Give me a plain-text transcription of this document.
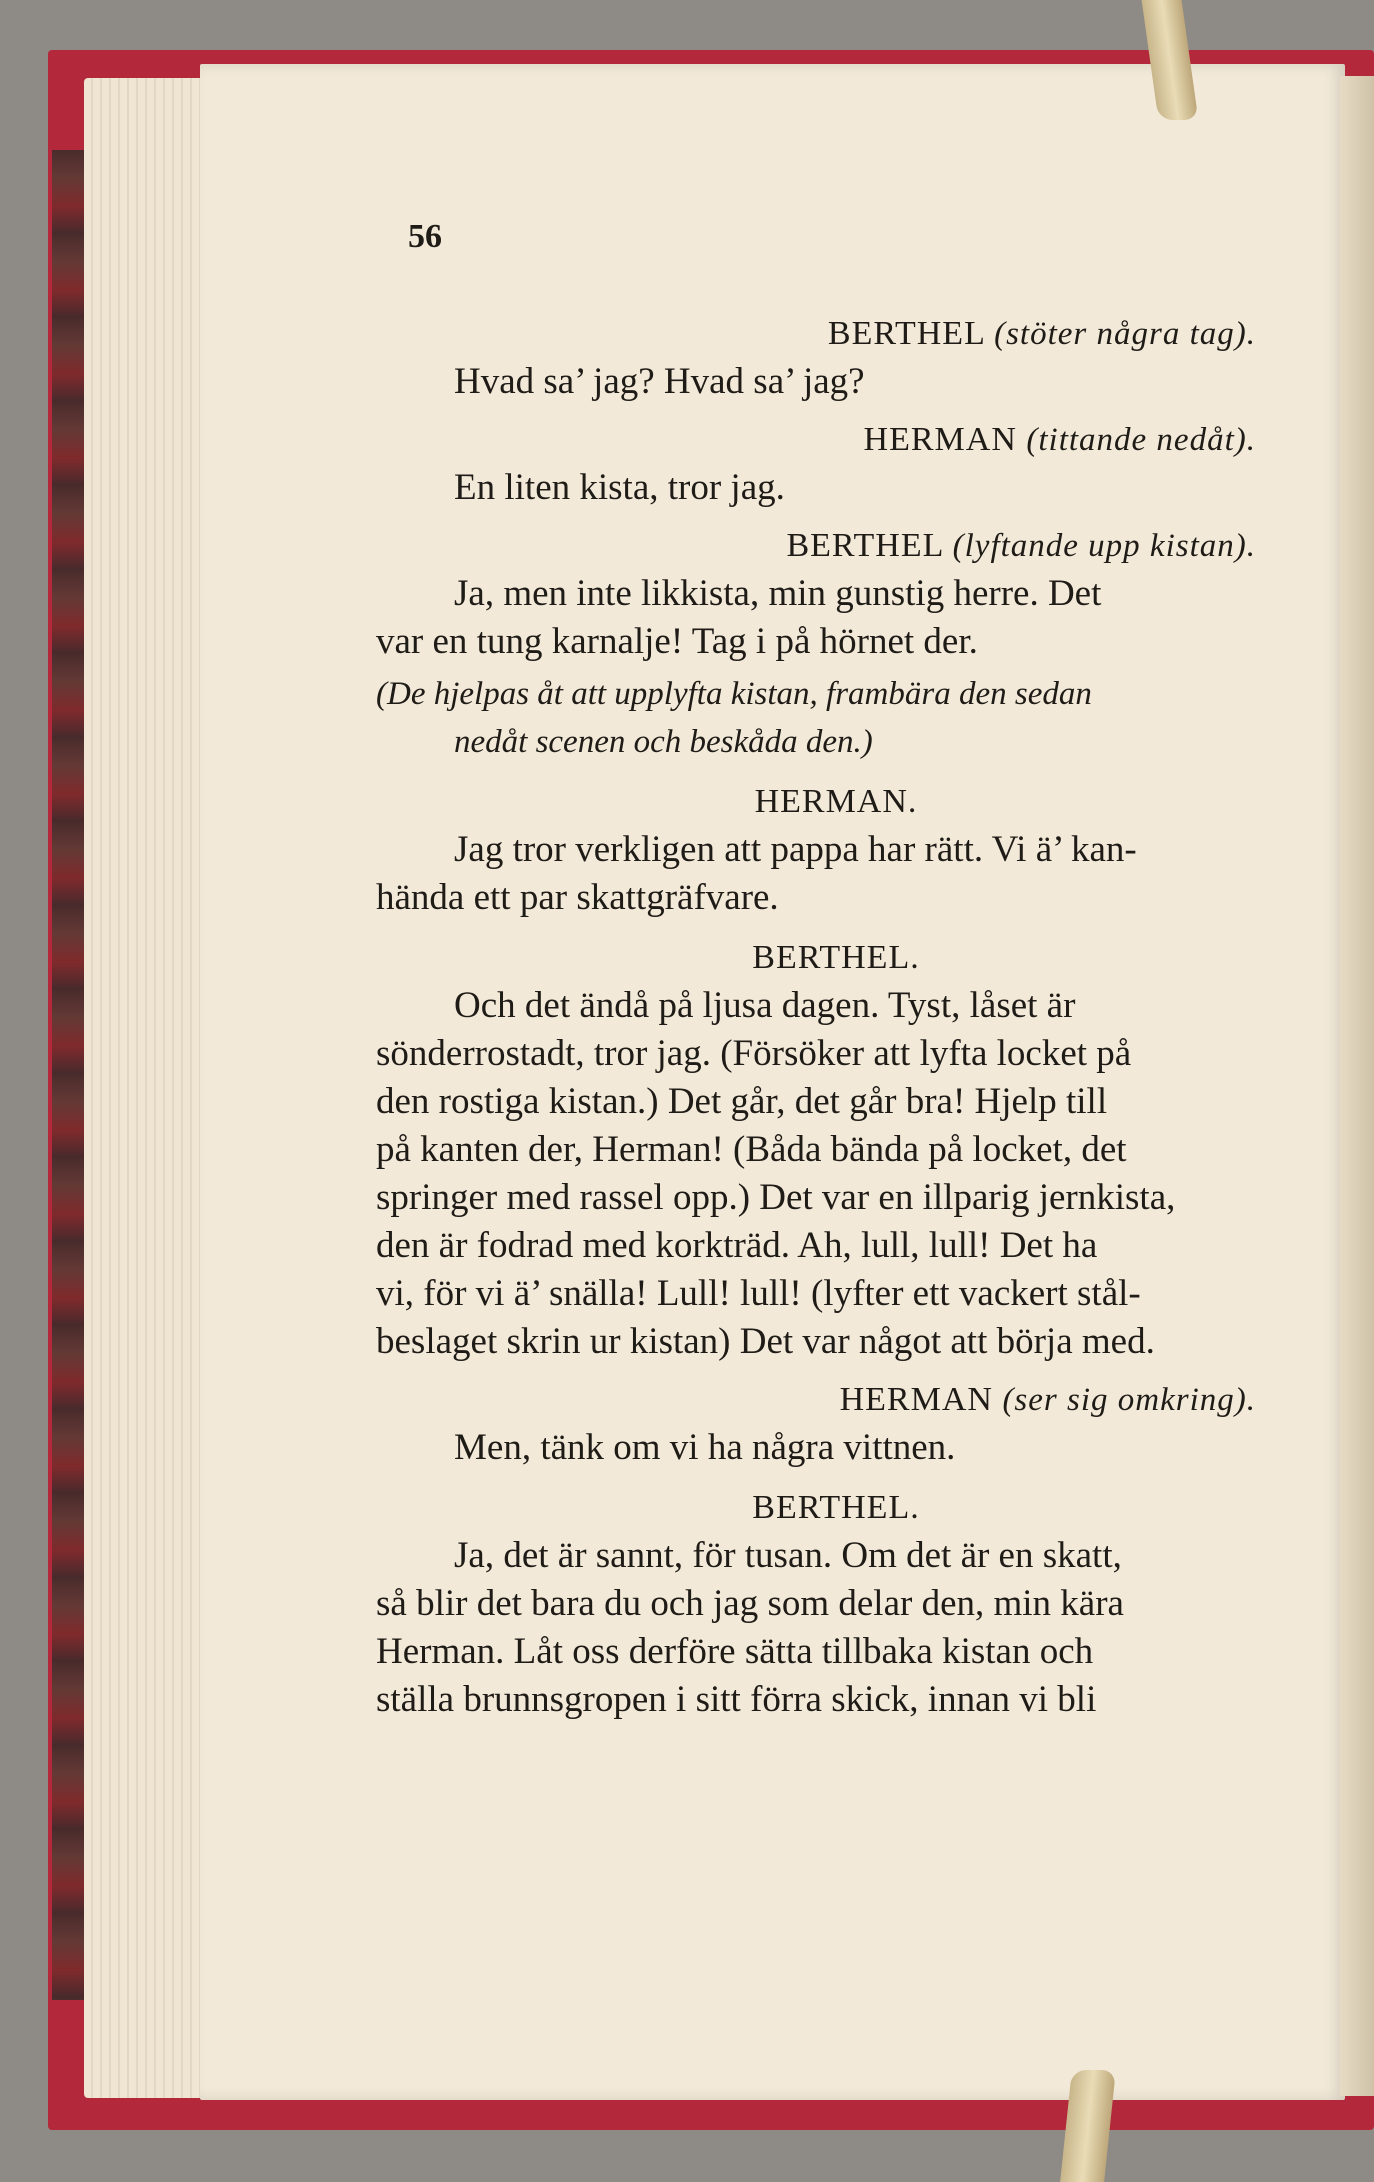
56

BERTHEL (stöter några tag).

Hvad sa’ jag? Hvad sa’ jag?

HERMAN (tittande nedåt).

En liten kista, tror jag.

BERTHEL (lyftande upp kistan).

Ja, men inte likkista, min gunstig herre. Det

var en tung karnalje! Tag i på hörnet der.

(De hjelpas åt att upplyfta kistan, frambära den sedan

nedåt scenen och beskåda den.)

HERMAN.

Jag tror verkligen att pappa har rätt. Vi ä’ kan-

hända ett par skattgräfvare.

BERTHEL.

Och det ändå på ljusa dagen. Tyst, låset är

sönderrostadt, tror jag. (Försöker att lyfta locket på

den rostiga kistan.) Det går, det går bra! Hjelp till

på kanten der, Herman! (Båda bända på locket, det

springer med rassel opp.) Det var en illparig jernkista,

den är fodrad med korkträd. Ah, lull, lull! Det ha

vi, för vi ä’ snälla! Lull! lull! (lyfter ett vackert stål-

beslaget skrin ur kistan) Det var något att börja med.

HERMAN (ser sig omkring).

Men, tänk om vi ha några vittnen.

BERTHEL.

Ja, det är sannt, för tusan. Om det är en skatt,

så blir det bara du och jag som delar den, min kära

Herman. Låt oss derföre sätta tillbaka kistan och

ställa brunnsgropen i sitt förra skick, innan vi bli
